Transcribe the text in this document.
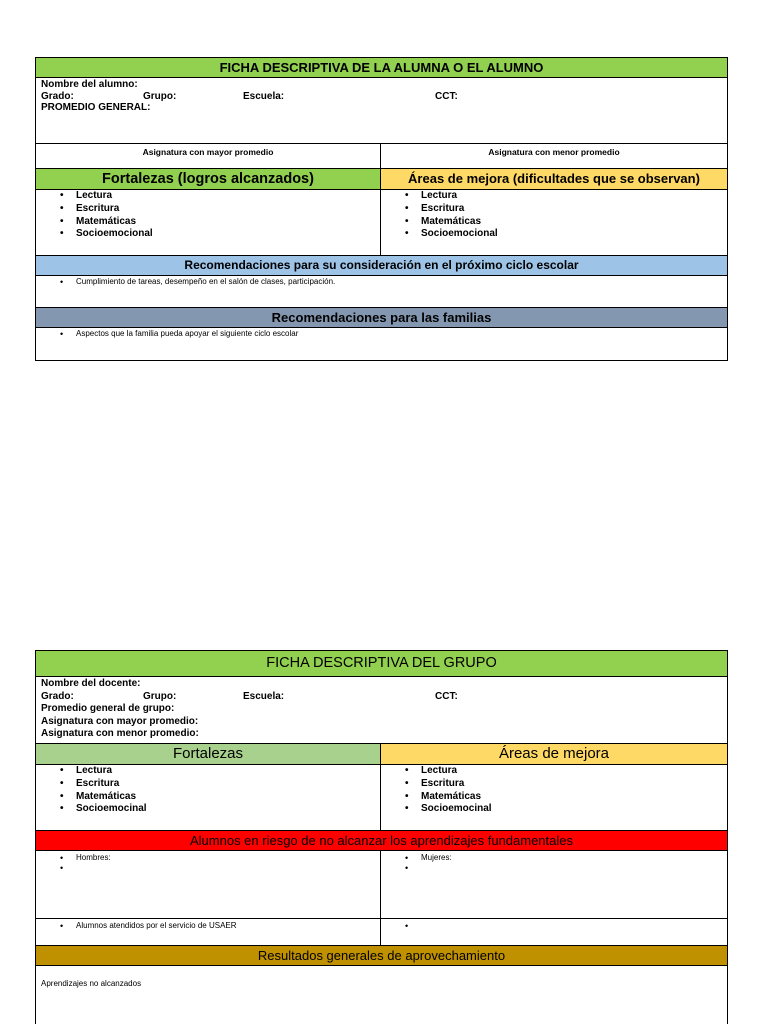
FICHA DESCRIPTIVA DE LA ALUMNA O EL ALUMNO
Nombre del alumno:
Grado:	Grupo:	Escuela:	CCT:
PROMEDIO GENERAL:
Asignatura con mayor promedio	Asignatura con menor promedio
Fortalezas (logros alcanzados)	Áreas de mejora (dificultades que se observan)
• Lectura
• Escritura
• Matemáticas
• Socioemocional
• Lectura
• Escritura
• Matemáticas
• Socioemocional
Recomendaciones para su consideración en el próximo ciclo escolar
• Cumplimiento de tareas, desempeño en el salón de clases, participación.
Recomendaciones para las familias
• Aspectos que la familia pueda apoyar el siguiente ciclo escolar
FICHA DESCRIPTIVA DEL GRUPO
Nombre del docente:
Grado:	Grupo:	Escuela:	CCT:
Promedio general de grupo:
Asignatura con mayor promedio:
Asignatura con menor promedio:
Fortalezas	Áreas de mejora
• Lectura
• Escritura
• Matemáticas
• Socioemocinal
• Lectura
• Escritura
• Matemáticas
• Socioemocinal
Alumnos en riesgo de no alcanzar los aprendizajes fundamentales
• Hombres:
•
•	Mujeres:
•
• Alumnos atendidos por el servicio de USAER
•
Resultados generales de aprovechamiento
Aprendizajes no alcanzados
